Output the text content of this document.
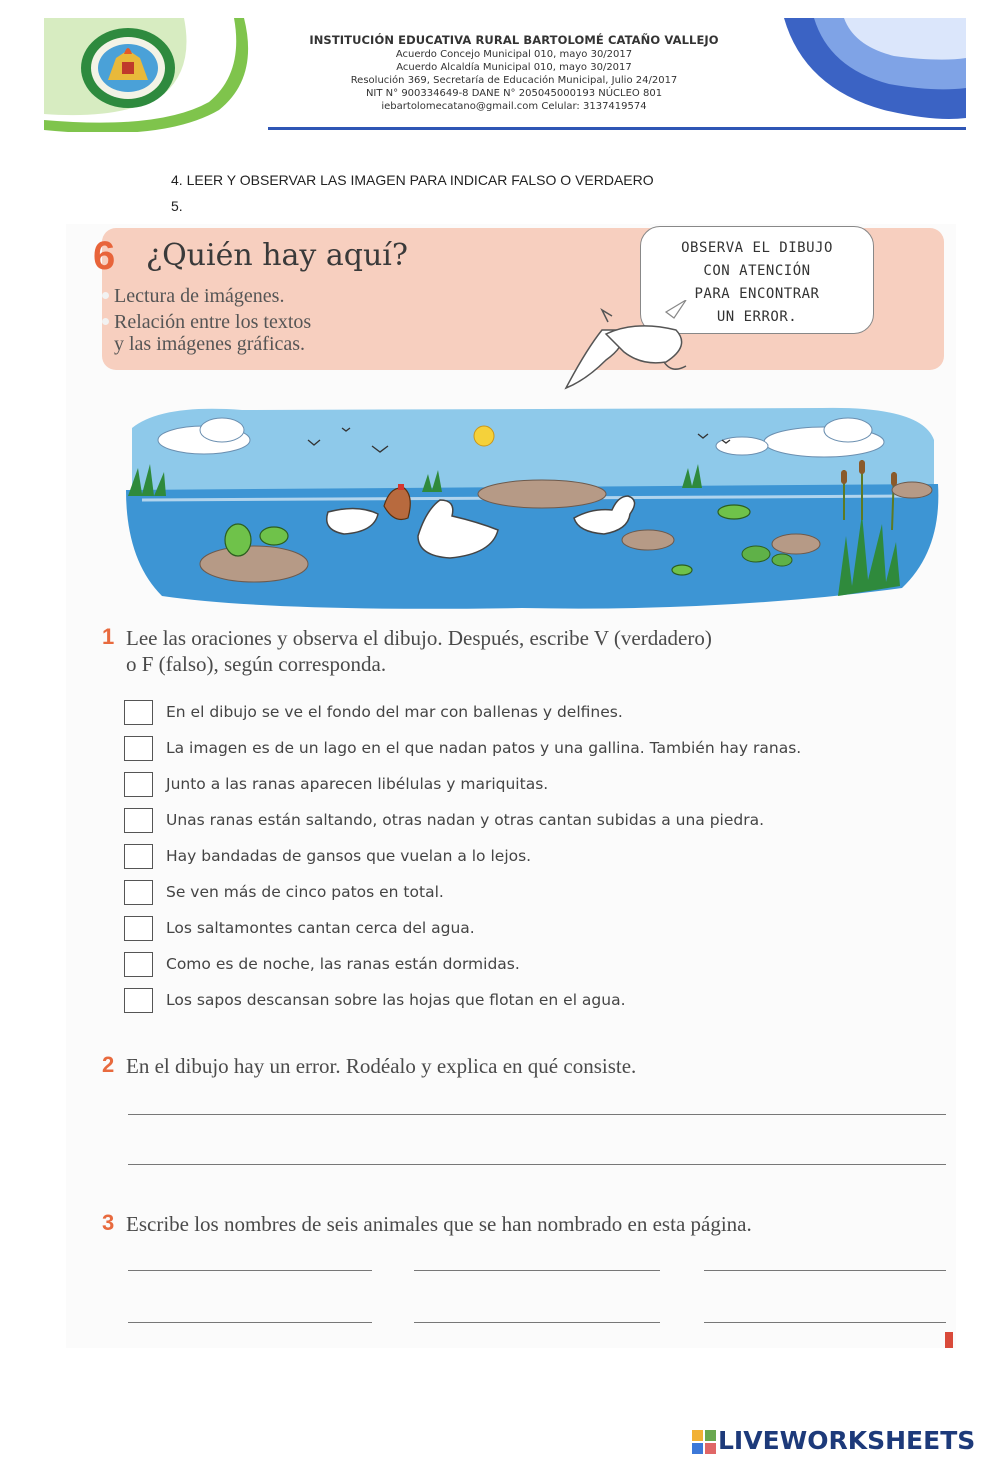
INSTITUCIÓN EDUCATIVA RURAL BARTOLOMÉ CATAÑO VALLEJO
Acuerdo Concejo Municipal 010, mayo 30/2017
Acuerdo Alcaldía Municipal 010, mayo 30/2017
Resolución 369, Secretaría de Educación Municipal, Julio 24/2017
NIT N° 900334649-8 DANE N° 205045000193 NÚCLEO 801
iebartolomecatano@gmail.com Celular: 3137419574
4. LEER Y OBSERVAR LAS IMAGEN PARA INDICAR FALSO O VERDAERO
5.
6 ¿Quién hay aquí?
Lectura de imágenes.
Relación entre los textos
y las imágenes gráficas.
OBSERVA EL DIBUJO
CON ATENCIÓN
PARA ENCONTRAR
UN ERROR.
1 Lee las oraciones y observa el dibujo. Después, escribe V (verdadero)
o F (falso), según corresponda.
En el dibujo se ve el fondo del mar con ballenas y delfines.
La imagen es de un lago en el que nadan patos y una gallina. También hay ranas.
Junto a las ranas aparecen libélulas y mariquitas.
Unas ranas están saltando, otras nadan y otras cantan subidas a una piedra.
Hay bandadas de gansos que vuelan a lo lejos.
Se ven más de cinco patos en total.
Los saltamontes cantan cerca del agua.
Como es de noche, las ranas están dormidas.
Los sapos descansan sobre las hojas que flotan en el agua.
2 En el dibujo hay un error. Rodéalo y explica en qué consiste.
3 Escribe los nombres de seis animales que se han nombrado en esta página.
LIVEWORKSHEETS
